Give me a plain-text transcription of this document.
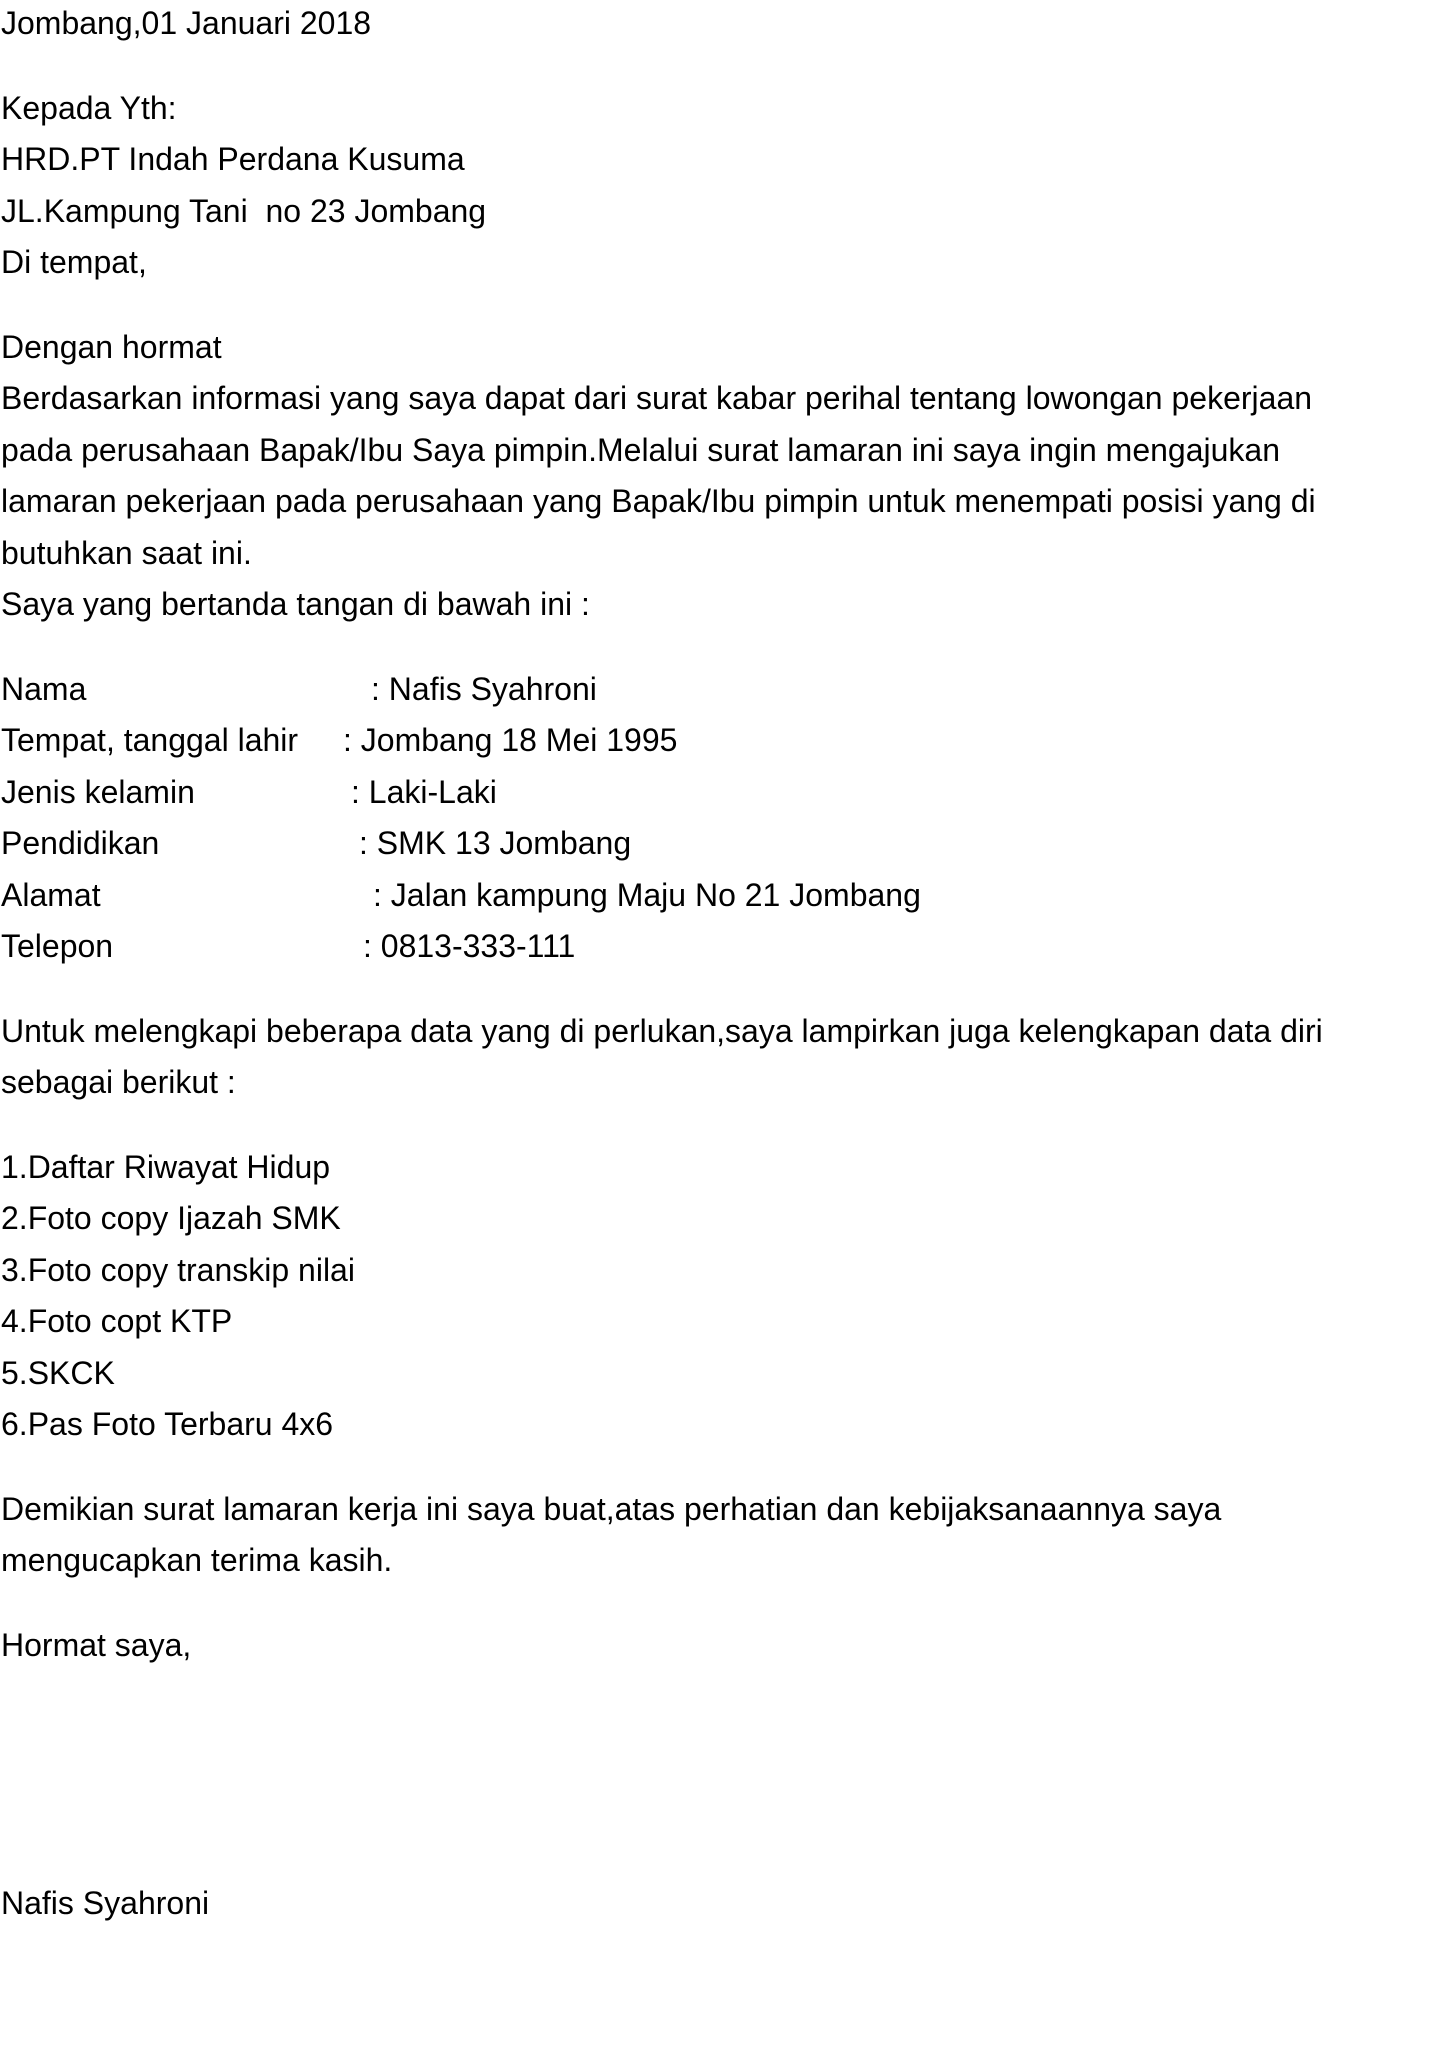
Jombang,01 Januari 2018
Kepada Yth:
HRD.PT Indah Perdana Kusuma
JL.Kampung Tani  no 23 Jombang
Di tempat,
Dengan hormat
Berdasarkan informasi yang saya dapat dari surat kabar perihal tentang lowongan pekerjaan
pada perusahaan Bapak/Ibu Saya pimpin.Melalui surat lamaran ini saya ingin mengajukan
lamaran pekerjaan pada perusahaan yang Bapak/Ibu pimpin untuk menempati posisi yang di
butuhkan saat ini.
Saya yang bertanda tangan di bawah ini :
Nama	: Nafis Syahroni
Tempat, tanggal lahir	: Jombang 18 Mei 1995
Jenis kelamin	: Laki-Laki
Pendidikan	: SMK 13 Jombang
Alamat	: Jalan kampung Maju No 21 Jombang
Telepon	: 0813-333-111
Untuk melengkapi beberapa data yang di perlukan,saya lampirkan juga kelengkapan data diri
sebagai berikut :
1.Daftar Riwayat Hidup
2.Foto copy Ijazah SMK
3.Foto copy transkip nilai
4.Foto copt KTP
5.SKCK
6.Pas Foto Terbaru 4x6
Demikian surat lamaran kerja ini saya buat,atas perhatian dan kebijaksanaannya saya
mengucapkan terima kasih.
Hormat saya,
Nafis Syahroni
